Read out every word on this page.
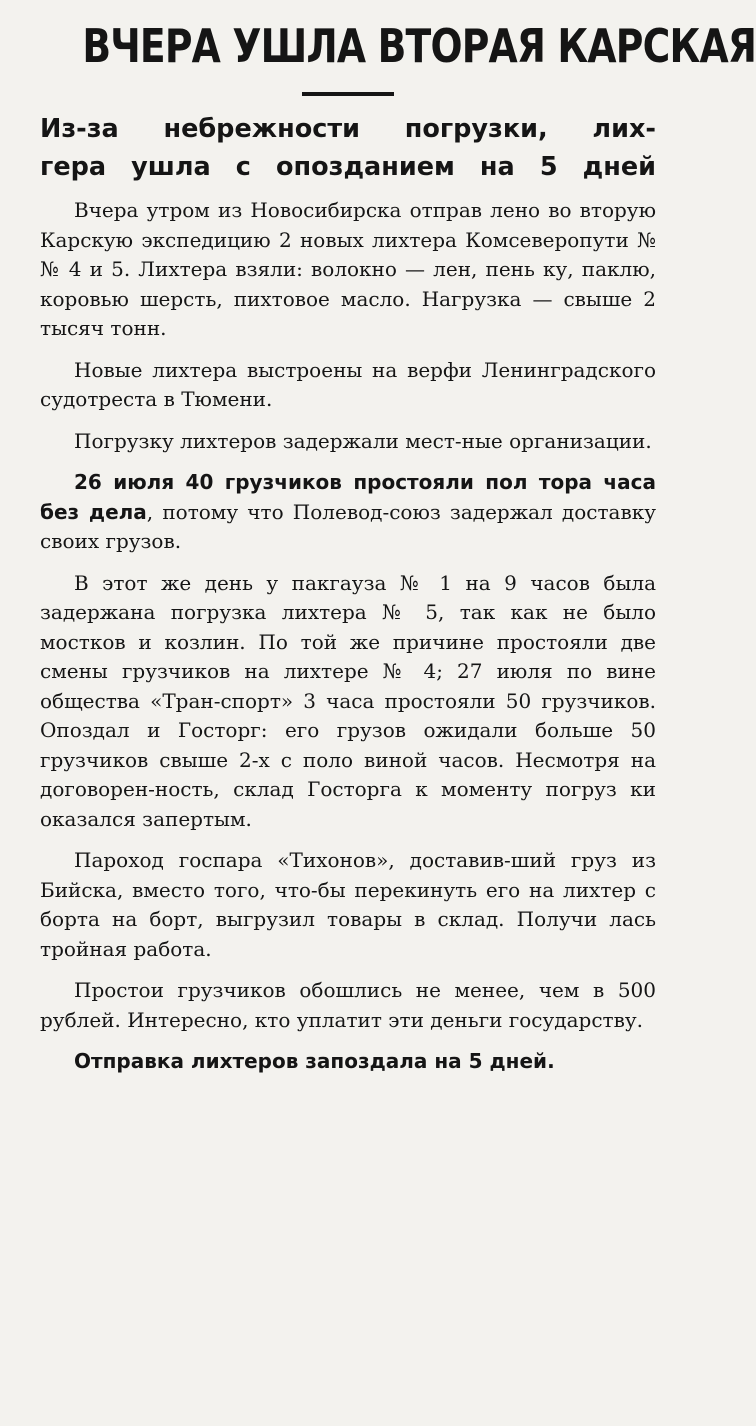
ВЧЕРА УШЛА ВТОРАЯ КАРСКАЯ
Из-за небрежности погрузки, лих-
гера ушла с опозданием на 5 дней

Вчера утром из Новосибирска отправ лено во вторую Карскую экспедицию 2 новых лихтера Комсеверопути № № 4 и 5. Лихтера взяли: волокно — лен, пень ку, паклю, коровью шерсть, пихтовое масло. Нагрузка — свыше 2 тысяч тонн.

Новые лихтера выстроены на верфи Ленинградского судотреста в Тюмени.

Погрузку лихтеров задержали мест-ные организации.

26 июля 40 грузчиков простояли пол тора часа без дела, потому что Полевод-союз задержал доставку своих грузов.

В этот же день у пакгауза № 1 на 9 часов была задержана погрузка лихтера № 5, так как не было мостков и козлин. По той же причине простояли две смены грузчиков на лихтере № 4; 27 июля по вине общества «Тран-спорт» 3 часа простояли 50 грузчиков. Опоздал и Госторг: его грузов ожидали больше 50 грузчиков свыше 2-х с поло виной часов. Несмотря на договорен-ность, склад Госторга к моменту погруз ки оказался запертым.

Пароход госпара «Тихонов», доставив-ший груз из Бийска, вместо того, что-бы перекинуть его на лихтер с борта на борт, выгрузил товары в склад. Получи лась тройная работа.

Простои грузчиков обошлись не менее, чем в 500 рублей. Интересно, кто уплатит эти деньги государству.

Отправка лихтеров запоздала на 5 дней.
